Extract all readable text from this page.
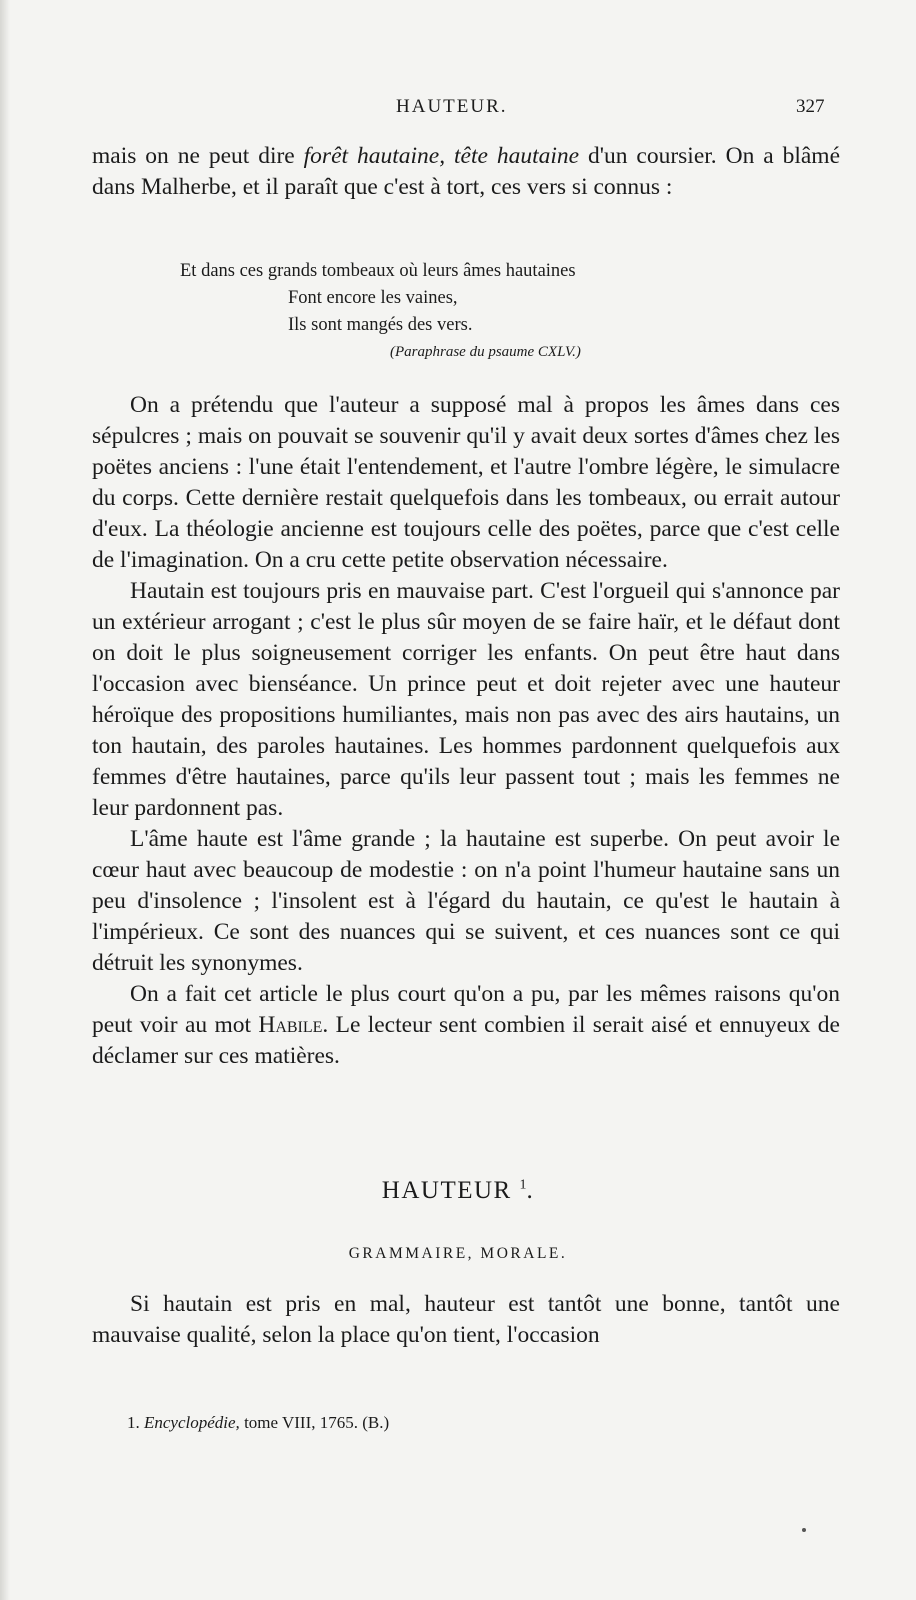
HAUTEUR.	327

mais on ne peut dire forêt hautaine, tête hautaine d'un coursier. On a blâmé dans Malherbe, et il paraît que c'est à tort, ces vers si connus :

Et dans ces grands tombeaux où leurs âmes hautaines
Font encore les vaines,
Ils sont mangés des vers.
(Paraphrase du psaume CXLV.)

On a prétendu que l'auteur a supposé mal à propos les âmes dans ces sépulcres ; mais on pouvait se souvenir qu'il y avait deux sortes d'âmes chez les poëtes anciens : l'une était l'entendement, et l'autre l'ombre légère, le simulacre du corps. Cette dernière restait quelquefois dans les tombeaux, ou errait autour d'eux. La théologie ancienne est toujours celle des poëtes, parce que c'est celle de l'imagination. On a cru cette petite observation nécessaire.

Hautain est toujours pris en mauvaise part. C'est l'orgueil qui s'annonce par un extérieur arrogant ; c'est le plus sûr moyen de se faire haïr, et le défaut dont on doit le plus soigneusement corriger les enfants. On peut être haut dans l'occasion avec bienséance. Un prince peut et doit rejeter avec une hauteur héroïque des propositions humiliantes, mais non pas avec des airs hautains, un ton hautain, des paroles hautaines. Les hommes pardonnent quelquefois aux femmes d'être hautaines, parce qu'ils leur passent tout ; mais les femmes ne leur pardonnent pas.

L'âme haute est l'âme grande ; la hautaine est superbe. On peut avoir le cœur haut avec beaucoup de modestie : on n'a point l'humeur hautaine sans un peu d'insolence ; l'insolent est à l'égard du hautain, ce qu'est le hautain à l'impérieux. Ce sont des nuances qui se suivent, et ces nuances sont ce qui détruit les synonymes.

On a fait cet article le plus court qu'on a pu, par les mêmes raisons qu'on peut voir au mot Habile. Le lecteur sent combien il serait aisé et ennuyeux de déclamer sur ces matières.

HAUTEUR $^1$.
GRAMMAIRE, MORALE.

Si hautain est pris en mal, hauteur est tantôt une bonne, tantôt une mauvaise qualité, selon la place qu'on tient, l'occasion

1. Encyclopédie, tome VIII, 1765. (B.)
